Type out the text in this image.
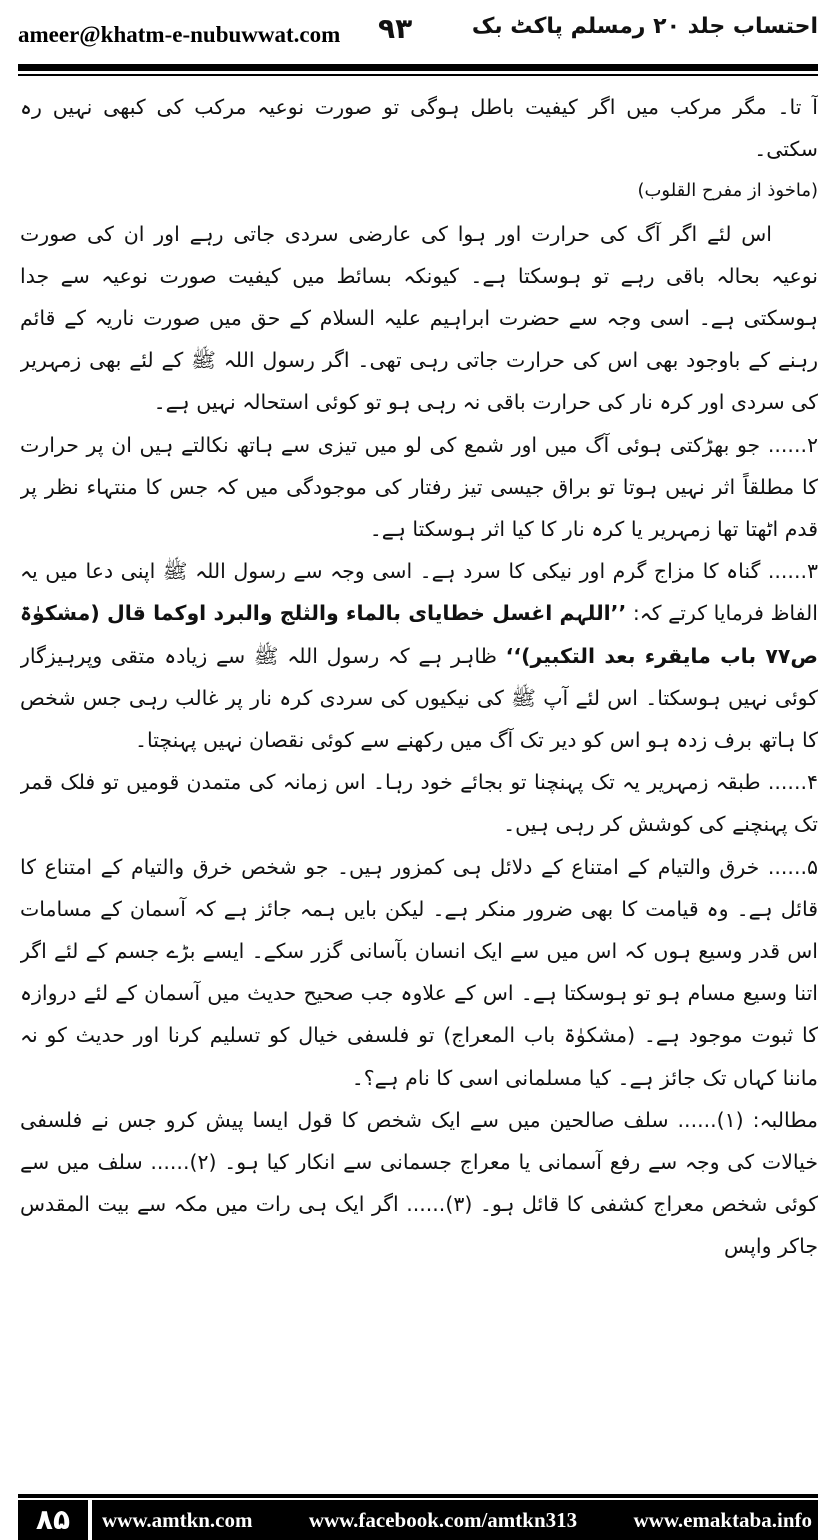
ameer@khatm-e-nubuwwat.com ۹۳	احتساب جلد ۲۰ رمسلم پاکٹ بک

آ تا۔ مگر مرکب میں اگر کیفیت باطل ہوگی تو صورت نوعیہ مرکب کی کبھی نہیں رہ سکتی۔

(ماخوذ از مفرح القلوب)

اس لئے اگر آگ کی حرارت اور ہوا کی عارضی سردی جاتی رہے اور ان کی صورت نوعیہ بحالہ باقی رہے تو ہوسکتا ہے۔ کیونکہ بسائط میں کیفیت صورت نوعیہ سے جدا ہوسکتی ہے۔ اسی وجہ سے حضرت ابراہیم علیہ السلام کے حق میں صورت ناریہ کے قائم رہنے کے باوجود بھی اس کی حرارت جاتی رہی تھی۔ اگر رسول اللہ ﷺ کے لئے بھی زمہریر کی سردی اور کرہ نار کی حرارت باقی نہ رہی ہو تو کوئی استحالہ نہیں ہے۔

۲...... جو بھڑکتی ہوئی آگ میں اور شمع کی لو میں تیزی سے ہاتھ نکالتے ہیں ان پر حرارت کا مطلقاً اثر نہیں ہوتا تو براق جیسی تیز رفتار کی موجودگی میں کہ جس کا منتہاء نظر پر قدم اٹھتا تھا زمہریر یا کرہ نار کا کیا اثر ہوسکتا ہے۔

۳...... گناہ کا مزاج گرم اور نیکی کا سرد ہے۔ اسی وجہ سے رسول اللہ ﷺ اپنی دعا میں یہ الفاظ فرمایا کرتے کہ: ’’اللہم اغسل خطایای بالماء والثلج والبرد اوکما قال (مشکوٰۃ ص۷۷ باب مایقرء بعد التکبیر)‘‘ ظاہر ہے کہ رسول اللہ ﷺ سے زیادہ متقی وپرہیزگار کوئی نہیں ہوسکتا۔ اس لئے آپ ﷺ کی نیکیوں کی سردی کرہ نار پر غالب رہی جس شخص کا ہاتھ برف زدہ ہو اس کو دیر تک آگ میں رکھنے سے کوئی نقصان نہیں پہنچتا۔

۴...... طبقہ زمہریر یہ تک پہنچنا تو بجائے خود رہا۔ اس زمانہ کی متمدن قومیں تو فلک قمر تک پہنچنے کی کوشش کر رہی ہیں۔

۵...... خرق والتیام کے امتناع کے دلائل ہی کمزور ہیں۔ جو شخص خرق والتیام کے امتناع کا قائل ہے۔ وہ قیامت کا بھی ضرور منکر ہے۔ لیکن بایں ہمہ جائز ہے کہ آسمان کے مسامات اس قدر وسیع ہوں کہ اس میں سے ایک انسان بآسانی گزر سکے۔ ایسے بڑے جسم کے لئے اگر اتنا وسیع مسام ہو تو ہوسکتا ہے۔ اس کے علاوہ جب صحیح حدیث میں آسمان کے لئے دروازہ کا ثبوت موجود ہے۔ (مشکوٰۃ باب المعراج) تو فلسفی خیال کو تسلیم کرنا اور حدیث کو نہ ماننا کہاں تک جائز ہے۔ کیا مسلمانی اسی کا نام ہے؟۔

مطالبہ: (۱)...... سلف صالحین میں سے ایک شخص کا قول ایسا پیش کرو جس نے فلسفی خیالات کی وجہ سے رفع آسمانی یا معراج جسمانی سے انکار کیا ہو۔ (۲)...... سلف میں سے کوئی شخص معراج کشفی کا قائل ہو۔ (۳)...... اگر ایک ہی رات میں مکہ سے بیت المقدس جاکر واپس

۸۵	www.amtkn.com	www.facebook.com/amtkn313	www.emaktaba.info
